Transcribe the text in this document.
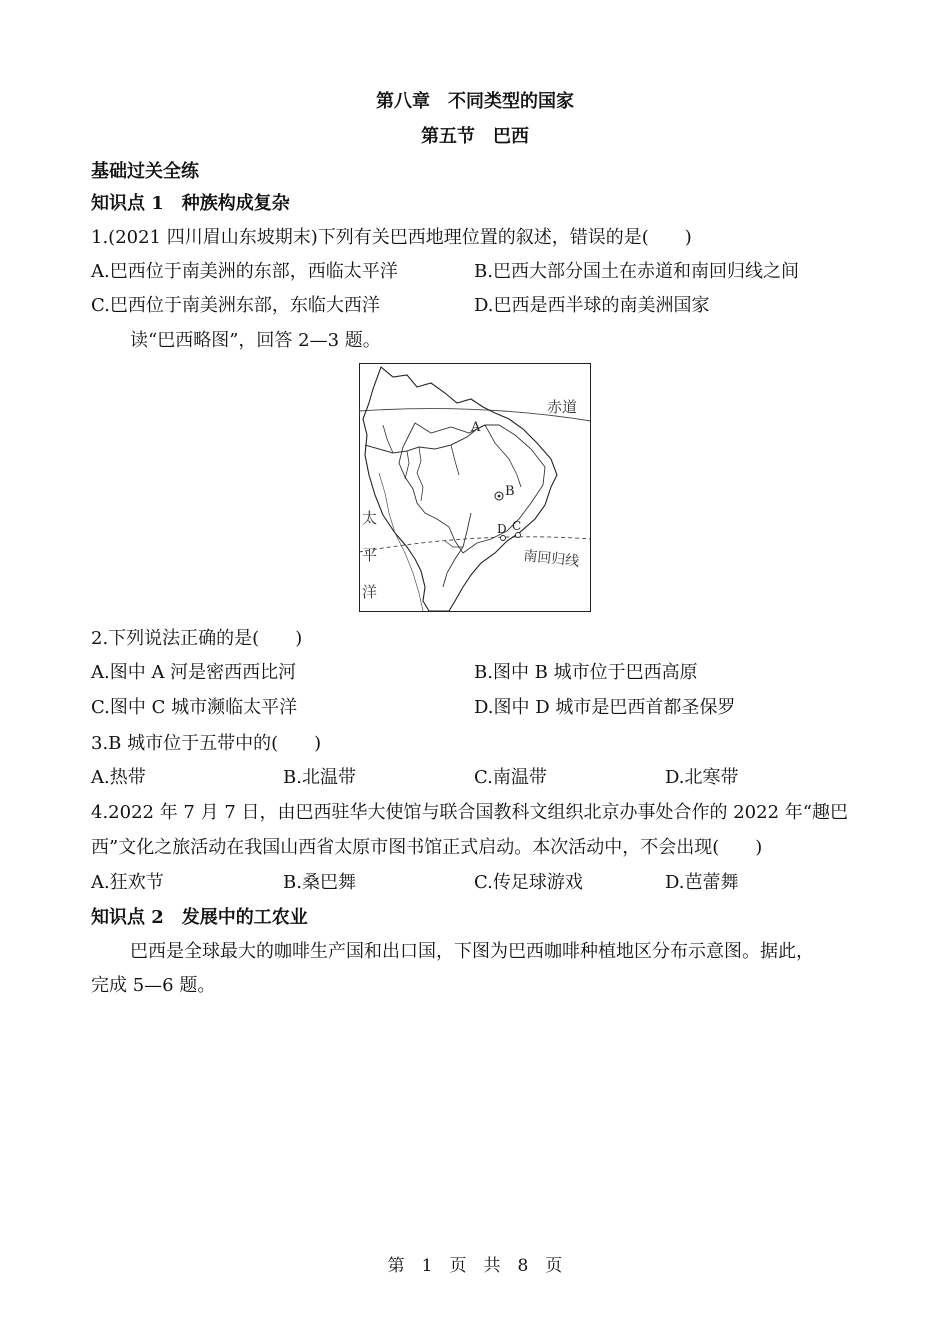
第八章　不同类型的国家
第五节　巴西
基础过关全练
知识点 1　种族构成复杂
1.(2021 四川眉山东坡期末)下列有关巴西地理位置的叙述，错误的是(　　)
A.巴西位于南美洲的东部，西临太平洋	B.巴西大部分国土在赤道和南回归线之间
C.巴西位于南美洲东部，东临大西洋	D.巴西是西半球的南美洲国家
读“巴西略图”，回答 2—3 题。
A
B
D C
赤道
南回归线
太
平
洋
2.下列说法正确的是(　　)
A.图中 A 河是密西西比河	B.图中 B 城市位于巴西高原
C.图中 C 城市濒临太平洋	D.图中 D 城市是巴西首都圣保罗
3.B 城市位于五带中的(　　)
A.热带	B.北温带	C.南温带	D.北寒带
4.2022 年 7 月 7 日，由巴西驻华大使馆与联合国教科文组织北京办事处合作的 2022 年“趣巴
西”文化之旅活动在我国山西省太原市图书馆正式启动。本次活动中，不会出现(　　)
A.狂欢节	B.桑巴舞	C.传足球游戏	D.芭蕾舞
知识点 2　发展中的工农业
巴西是全球最大的咖啡生产国和出口国，下图为巴西咖啡种植地区分布示意图。据此，
完成 5—6 题。
第　1　页　共　8　页
